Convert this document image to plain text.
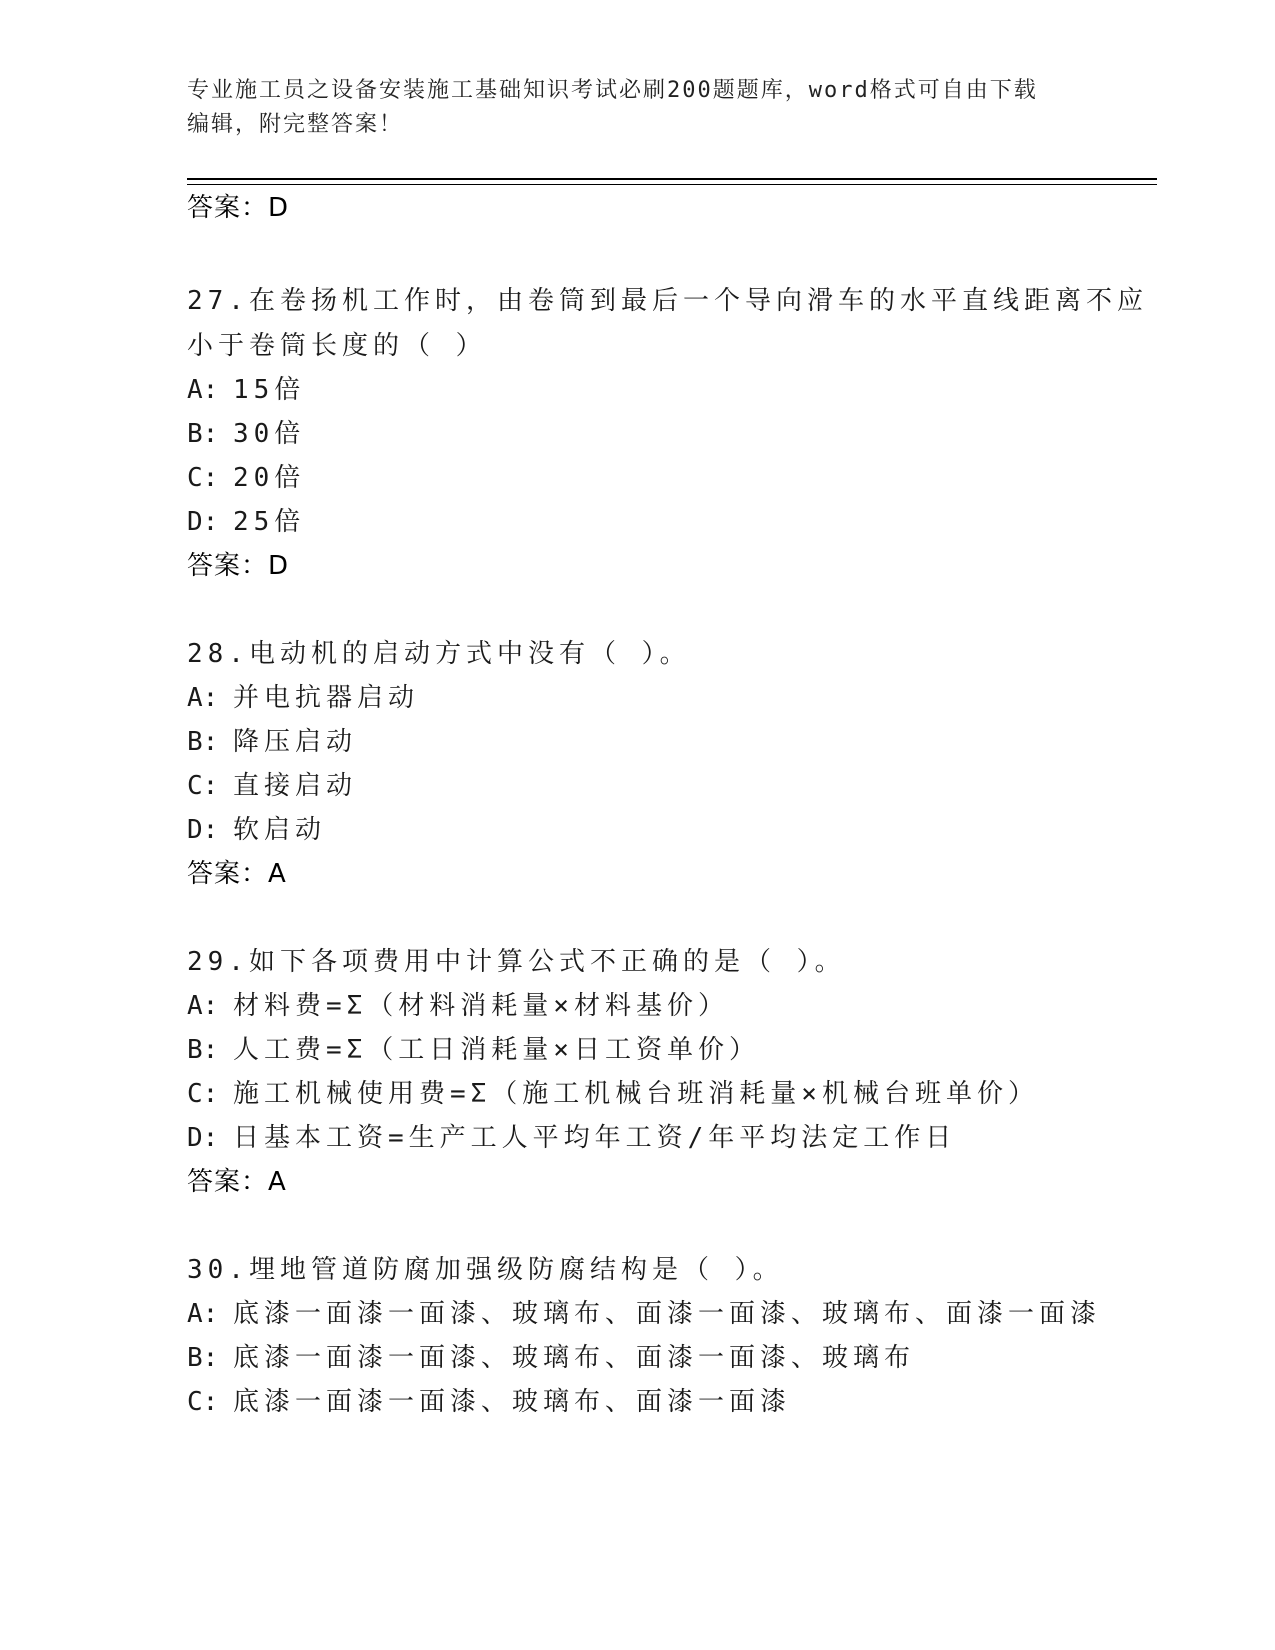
专业施工员之设备安装施工基础知识考试必刷200题题库，word格式可自由下载
编辑，附完整答案！
答案：D
27.在卷扬机工作时，由卷筒到最后一个导向滑车的水平直线距离不应
小于卷筒长度的（ ）
A: 15倍
B: 30倍
C: 20倍
D: 25倍
答案：D
28.电动机的启动方式中没有（ ）。
A: 并电抗器启动
B: 降压启动
C: 直接启动
D: 软启动
答案：A
29.如下各项费用中计算公式不正确的是（ ）。
A: 材料费=Σ（材料消耗量×材料基价）
B: 人工费=Σ（工日消耗量×日工资单价）
C: 施工机械使用费=Σ（施工机械台班消耗量×机械台班单价）
D: 日基本工资=生产工人平均年工资/年平均法定工作日
答案：A
30.埋地管道防腐加强级防腐结构是（ ）。
A: 底漆一面漆一面漆、玻璃布、面漆一面漆、玻璃布、面漆一面漆
B: 底漆一面漆一面漆、玻璃布、面漆一面漆、玻璃布
C: 底漆一面漆一面漆、玻璃布、面漆一面漆
